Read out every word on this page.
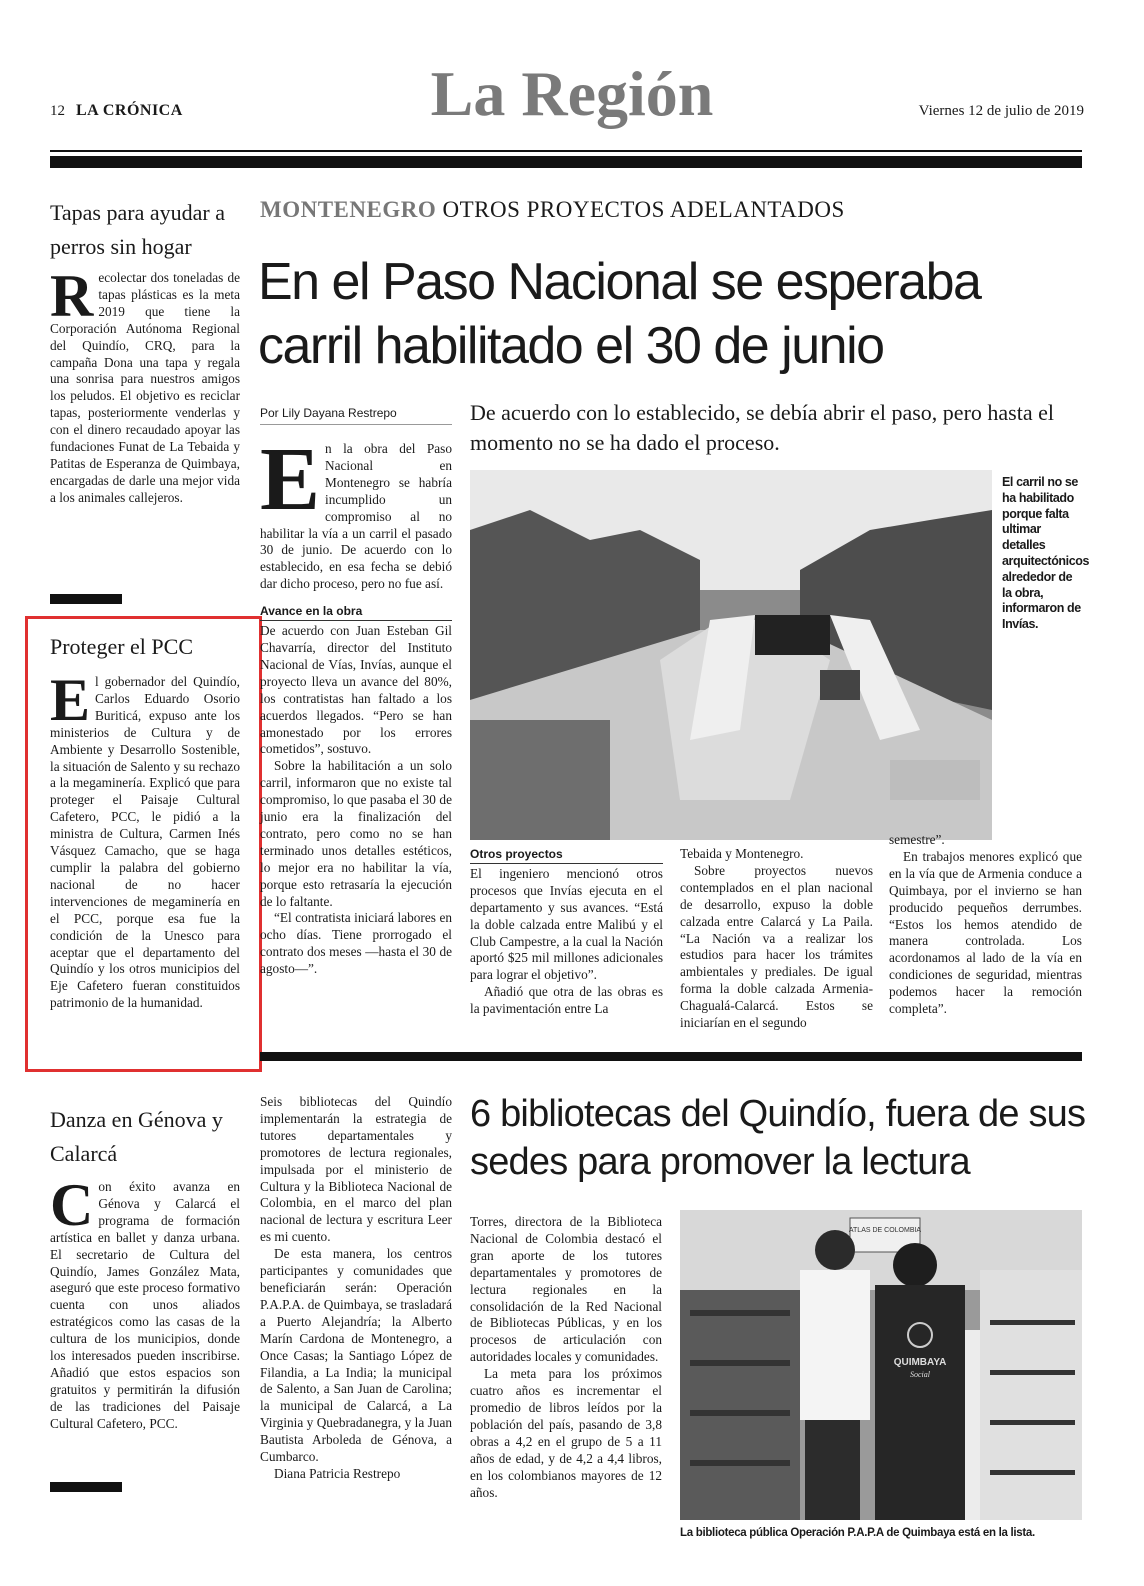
12 LA CRÓNICA	La Región	Viernes 12 de julio de 2019
Tapas para ayudar a perros sin hogar
Recolectar dos toneladas de tapas plásticas es la meta 2019 que tiene la Corporación Autónoma Regional del Quindío, CRQ, para la campaña Dona una tapa y regala una sonrisa para nuestros amigos los peludos. El objetivo es reciclar tapas, posteriormente venderlas y con el dinero recaudado apoyar las fundaciones Funat de La Tebaida y Patitas de Esperanza de Quimbaya, encargadas de darle una mejor vida a los animales callejeros.
Proteger el PCC
El gobernador del Quindío, Carlos Eduardo Osorio Buriticá, expuso ante los ministerios de Cultura y de Ambiente y Desarrollo Sostenible, la situación de Salento y su rechazo a la megaminería. Explicó que para proteger el Paisaje Cultural Cafetero, PCC, le pidió a la ministra de Cultura, Carmen Inés Vásquez Camacho, que se haga cumplir la palabra del gobierno nacional de no hacer intervenciones de megaminería en el PCC, porque esa fue la condición de la Unesco para aceptar que el departamento del Quindío y los otros municipios del Eje Cafetero fueran constituidos patrimonio de la humanidad.
Danza en Génova y Calarcá
Con éxito avanza en Génova y Calarcá el programa de formación artística en ballet y danza urbana. El secretario de Cultura del Quindío, James González Mata, aseguró que este proceso formativo cuenta con unos aliados estratégicos como las casas de la cultura de los municipios, donde los interesados pueden inscribirse. Añadió que estos espacios son gratuitos y permitirán la difusión de las tradiciones del Paisaje Cultural Cafetero, PCC.
MONTENEGRO OTROS PROYECTOS ADELANTADOS
En el Paso Nacional se esperaba carril habilitado el 30 de junio
Por Lily Dayana Restrepo	De acuerdo con lo establecido, se debía abrir el paso, pero hasta el momento no se ha dado el proceso.
E n la obra del Paso Nacional en Montenegro se habría incumplido un compromiso al no habilitar la vía a un carril el pasado 30 de junio. De acuerdo con lo establecido, en esa fecha se debió dar dicho proceso, pero no fue así.

Avance en la obra

De acuerdo con Juan Esteban Gil Chavarría, director del Instituto Nacional de Vías, Invías, aunque el proyecto lleva un avance del 80%, los contratistas han faltado a los acuerdos llegados. “Pero se han amonestado por los errores cometidos”, sostuvo.

Sobre la habilitación a un solo carril, informaron que no existe tal compromiso, lo que pasaba el 30 de junio era la finalización del contrato, pero como no se han terminado unos detalles estéticos, lo mejor era no habilitar la vía, porque esto retrasaría la ejecución de lo faltante.

“El contratista iniciará labores en ocho días. Tiene prorrogado el contrato dos meses —hasta el 30 de agosto—”.

El carril no se ha habilitado porque falta ultimar detalles arquitectónicos alrededor de la obra, informaron de Invías.
Otros proyectos

El ingeniero mencionó otros procesos que Invías ejecuta en el departamento y sus avances. “Está la doble calzada entre Malibú y el Club Campestre, a la cual la Nación aportó $25 mil millones adicionales para lograr el objetivo”.

Añadió que otra de las obras es la pavimentación entre La

Tebaida y Montenegro.

Sobre proyectos nuevos contemplados en el plan nacional de desarrollo, expuso la doble calzada entre Calarcá y La Paila. “La Nación va a realizar los estudios para hacer los trámites ambientales y prediales. De igual forma la doble calzada Armenia-Chagualá-Calarcá. Estos se iniciarían en el segundo

semestre”.

En trabajos menores explicó que en la vía que de Armenia conduce a Quimbaya, por el invierno se han producido pequeños derrumbes. “Estos los hemos atendido de manera controlada. Los acordonamos al lado de la vía en condiciones de seguridad, mientras podemos hacer la remoción completa”.

Seis bibliotecas del Quindío implementarán la estrategia de tutores departamentales y promotores de lectura regionales, impulsada por el ministerio de Cultura y la Biblioteca Nacional de Colombia, en el marco del plan nacional de lectura y escritura Leer es mi cuento.

De esta manera, los centros participantes y comunidades que beneficiarán serán: Operación P.A.P.A. de Quimbaya, se trasladará a Puerto Alejandría; la Alberto Marín Cardona de Montenegro, a Once Casas; la Santiago López de Filandia, a La India; la municipal de Salento, a San Juan de Carolina; la municipal de Calarcá, a La Virginia y Quebradanegra, y la Juan Bautista Arboleda de Génova, a Cumbarco.

Diana Patricia Restrepo

6 bibliotecas del Quindío, fuera de sus sedes para promover la lectura

Torres, directora de la Biblioteca Nacional de Colombia destacó el gran aporte de los tutores departamentales y promotores de lectura regionales en la consolidación de la Red Nacional de Bibliotecas Públicas, y en los procesos de articulación con autoridades locales y comunidades.

La meta para los próximos cuatro años es incrementar el promedio de libros leídos por la población del país, pasando de 3,8 obras a 4,2 en el grupo de 5 a 11 años de edad, y de 4,2 a 4,4 libros, en los colombianos mayores de 12 años.

ATLAS DE COLOMBIA
QUIMBAYA
Social
La biblioteca pública Operación P.A.P.A de Quimbaya está en la lista.
